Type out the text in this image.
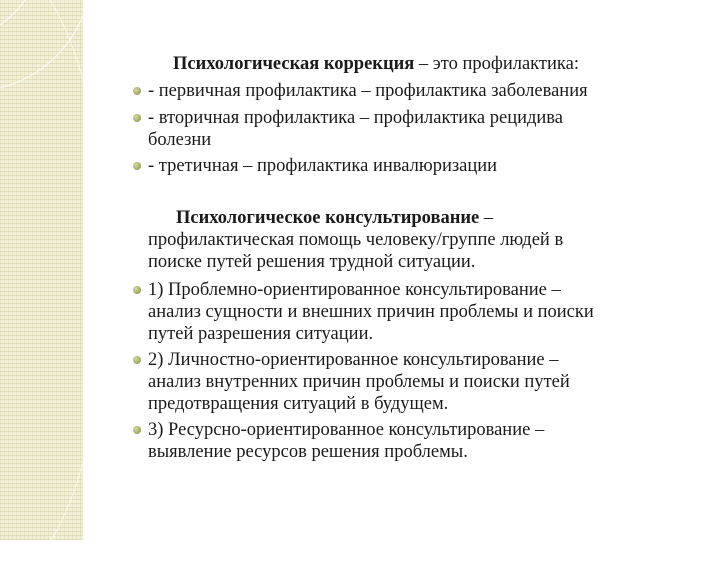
Психологическая коррекция – это профилактика:
- первичная профилактика – профилактика заболевания
- вторичная профилактика – профилактика рецидива
болезни
- третичная – профилактика инвалюризации
Психологическое консультирование –
профилактическая помощь человеку/группе людей в
поиске путей решения трудной ситуации.
1) Проблемно-ориентированное консультирование –
анализ сущности и внешних причин проблемы и поиски
путей разрешения ситуации.
2) Личностно-ориентированное консультирование –
анализ внутренних причин проблемы и поиски путей
предотвращения ситуаций в будущем.
3) Ресурсно-ориентированное консультирование –
выявление ресурсов решения проблемы.
